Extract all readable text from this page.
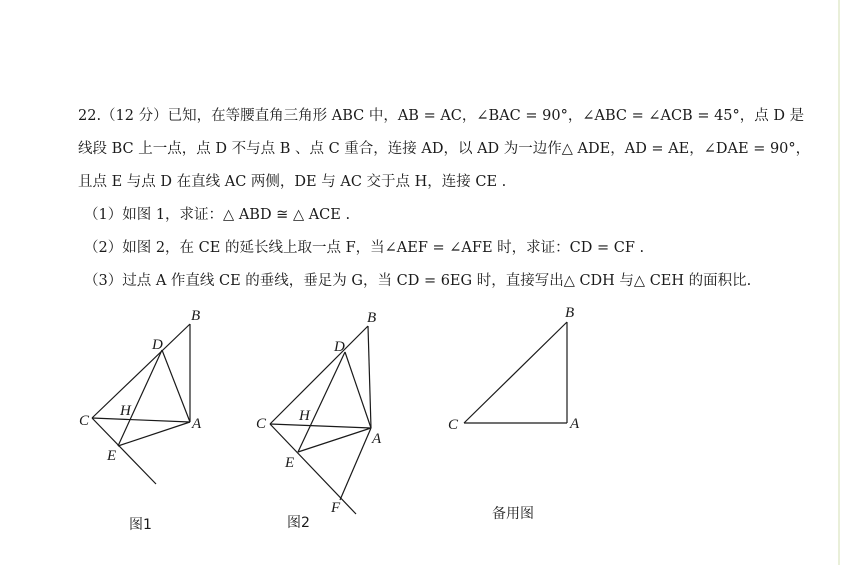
22.（12 分）已知，在等腰直角三角形 ABC 中，AB = AC，∠BAC = 90°，∠ABC = ∠ACB = 45°，点 D 是
线段 BC 上一点，点 D 不与点 B 、点 C 重合，连接 AD，以 AD 为一边作△ ADE，AD = AE，∠DAE = 90°，
且点 E 与点 D 在直线 AC 两侧，DE 与 AC 交于点 H，连接 CE .
（1）如图 1，求证：△ ABD ≅ △ ACE .
（2）如图 2，在 CE 的延长线上取一点 F，当∠AEF = ∠AFE 时，求证：CD = CF .
（3）过点 A 作直线 CE 的垂线，垂足为 G，当 CD = 6EG 时，直接写出△ CDH 与△ CEH 的面积比.
B
D
C
H
A
E
图1
B
D
C H
A
E
F
图2
B
C	A
备用图
